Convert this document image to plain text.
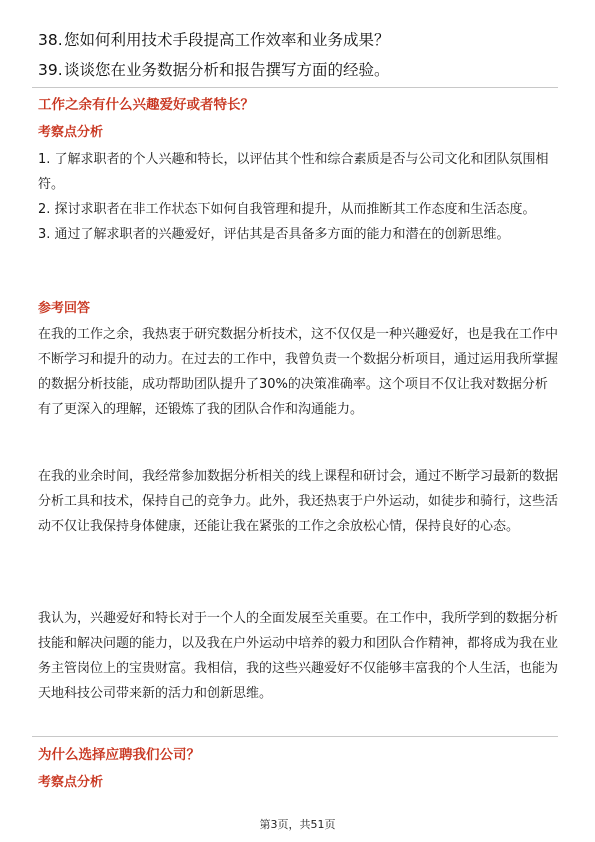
38.您如何利用技术手段提高工作效率和业务成果？
39.谈谈您在业务数据分析和报告撰写方面的经验。
工作之余有什么兴趣爱好或者特长？
考察点分析

1. 了解求职者的个人兴趣和特长，以评估其个性和综合素质是否与公司文化和团队氛围相符。

2. 探讨求职者在非工作状态下如何自我管理和提升，从而推断其工作态度和生活态度。

3. 通过了解求职者的兴趣爱好，评估其是否具备多方面的能力和潜在的创新思维。

参考回答

在我的工作之余，我热衷于研究数据分析技术，这不仅仅是一种兴趣爱好，也是我在工作中不断学习和提升的动力。在过去的工作中，我曾负责一个数据分析项目，通过运用我所掌握的数据分析技能，成功帮助团队提升了30%的决策准确率。这个项目不仅让我对数据分析有了更深入的理解，还锻炼了我的团队合作和沟通能力。

在我的业余时间，我经常参加数据分析相关的线上课程和研讨会，通过不断学习最新的数据分析工具和技术，保持自己的竞争力。此外，我还热衷于户外运动，如徒步和骑行，这些活动不仅让我保持身体健康，还能让我在紧张的工作之余放松心情，保持良好的心态。

我认为，兴趣爱好和特长对于一个人的全面发展至关重要。在工作中，我所学到的数据分析技能和解决问题的能力，以及我在户外运动中培养的毅力和团队合作精神，都将成为我在业务主管岗位上的宝贵财富。我相信，我的这些兴趣爱好不仅能够丰富我的个人生活，也能为天地科技公司带来新的活力和创新思维。

为什么选择应聘我们公司？
考察点分析
第3页，共51页
